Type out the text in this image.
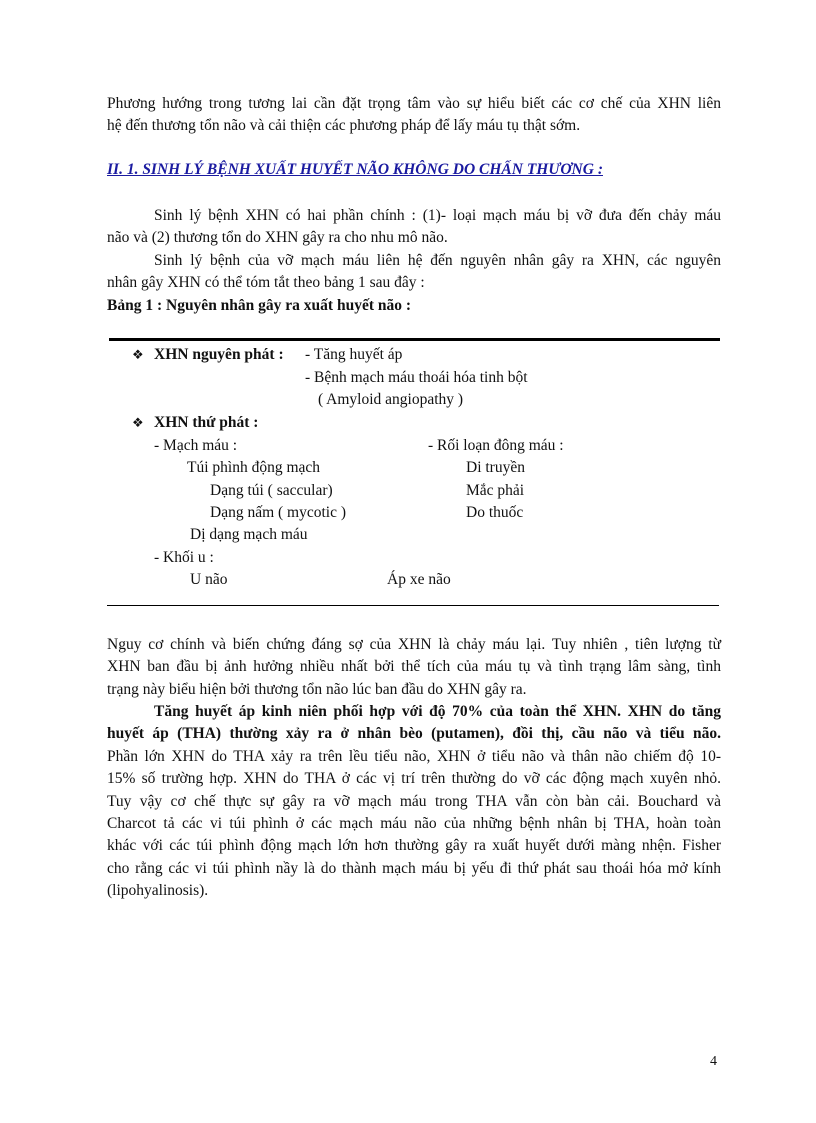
Phương hướng trong tương lai cần đặt trọng tâm vào sự hiểu biết các cơ chế của XHN liên
hệ đến thương tổn não và cải thiện các phương pháp để lấy máu tụ thật sớm.

II. 1. SINH LÝ BỆNH XUẤT HUYẾT NÃO KHÔNG DO CHẤN THƯƠNG :

Sinh lý bệnh XHN có hai phần chính : (1)- loại mạch máu bị vỡ đưa đến chảy máu
não và (2) thương tổn do XHN gây ra cho nhu mô não.

Sinh lý bệnh của vỡ mạch máu liên hệ đến nguyên nhân gây ra XHN, các nguyên
nhân gây XHN có thể tóm tắt theo bảng 1 sau đây :

Bảng 1 : Nguyên nhân gây ra xuất huyết não :
❖ XHN nguyên phát : - Tăng huyết áp
- Bệnh mạch máu thoái hóa tinh bột
( Amyloid angiopathy )
❖ XHN thứ phát :
- Mạch máu :
Túi phình động mạch
Dạng túi ( saccular)
Dạng nấm ( mycotic )
Dị dạng mạch máu
- Rối loạn đông máu :
Di truyền
Mắc phải
Do thuốc
- Khối u :
U não	Áp xe não

Nguy cơ chính và biến chứng đáng sợ của XHN là chảy máu lại. Tuy nhiên , tiên lượng từ
XHN ban đầu bị ảnh hưởng nhiều nhất bởi thể tích của máu tụ và tình trạng lâm sàng, tình
trạng này biểu hiện bởi thương tổn não lúc ban đầu do XHN gây ra.

Tăng huyết áp kinh niên phối hợp với độ 70% của toàn thể XHN. XHN do tăng
huyết áp (THA) thường xảy ra ở nhân bèo (putamen), đồi thị, cầu não và tiểu não.
Phần lớn XHN do THA xảy ra trên lều tiểu não, XHN ở tiểu não và thân não chiếm độ 10-
15% số trường hợp. XHN do THA ở các vị trí trên thường do vỡ các động mạch xuyên nhỏ.
Tuy vậy cơ chế thực sự gây ra vỡ mạch máu trong THA vẫn còn bàn cải. Bouchard và
Charcot tả các vi túi phình ở các mạch máu não của những bệnh nhân bị THA, hoàn toàn
khác với các túi phình động mạch lớn hơn thường gây ra xuất huyết dưới màng nhện. Fisher
cho rằng các vi túi phình nầy là do thành mạch máu bị yếu đi thứ phát sau thoái hóa mở kính
(lipohyalinosis).

4
